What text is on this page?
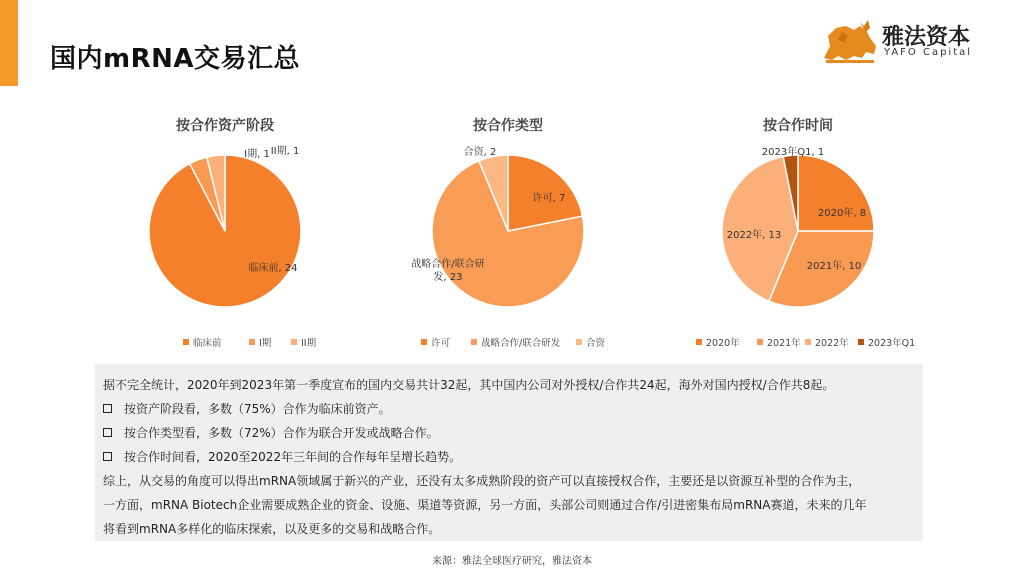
国内mRNA交易汇总
雅法资本
YAFO Capital
按合作资产阶段
临床前, 24
I期, 1 II期, 1
临床前	I期	II期
按合作类型
许可, 7
战略合作/联合研发, 23
合资, 2
许可	战略合作/联合研发	合资
按合作时间
2020年, 8
2021年, 10
2022年, 13
2023年Q1, 1
2020年	2021年 2022年 2023年Q1

据不完全统计，2020年到2023年第一季度宣布的国内交易共计32起，其中国内公司对外授权/合作共24起，海外对国内授权/合作共8起。

按资产阶段看，多数（75%）合作为临床前资产。

按合作类型看，多数（72%）合作为联合开发或战略合作。

按合作时间看，2020至2022年三年间的合作每年呈增长趋势。

综上，从交易的角度可以得出mRNA领域属于新兴的产业，还没有太多成熟阶段的资产可以直接授权合作，主要还是以资源互补型的合作为主，

一方面，mRNA Biotech企业需要成熟企业的资金、设施、渠道等资源，另一方面，头部公司则通过合作/引进密集布局mRNA赛道，未来的几年

将看到mRNA多样化的临床探索，以及更多的交易和战略合作。

来源：雅法全球医疗研究，雅法资本
